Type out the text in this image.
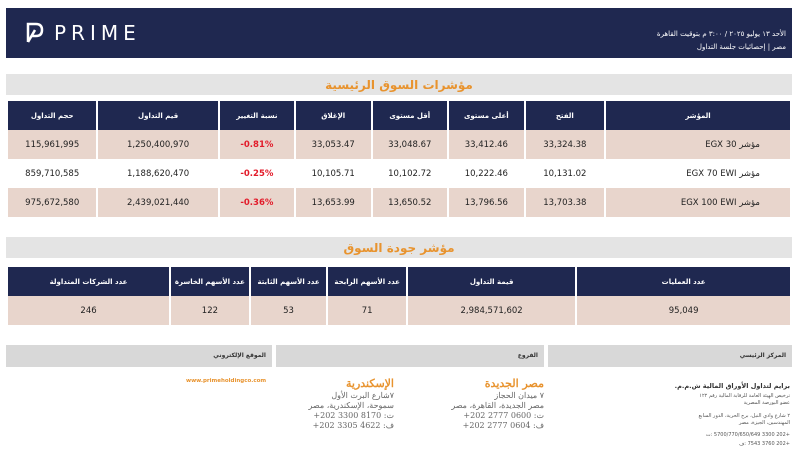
PRIME	الأحد ١٣ يوليو ٢٠٢٥ / ٣:٠٠ م بتوقيت القاهرة
مصر | إحصائيات جلسة التداول
مؤشرات السوق الرئيسية
حجم التداول	قيم التداول	نسبة التغيير	الإغلاق	أقل مستوى	أعلى مستوى	الفتح	المؤشر
115,961,995	1,250,400,970	-0.81%	33,053.47	33,048.67	33,412.46	33,324.38	مؤشر EGX 30
859,710,585	1,188,620,470	-0.25%	10,105.71	10,102.72	10,222.46	10,131.02	مؤشر EGX 70 EWI
975,672,580	2,439,021,440	-0.36%	13,653.99	13,650.52	13,796.56	13,703.38	مؤشر EGX 100 EWI
مؤشر جودة السوق
عدد الشركات المتداولة	عدد الأسهم الخاسرة	عدد الأسهم الثابتة	عدد الأسهم الرابحة	قيمة التداول	عدد العمليات
246	122	53	71	2,984,571,602	95,049
المركز الرئيسي
الفروع
الموقع الإلكتروني
برايم لتداول الأوراق المالية ش.م.م.
ترخيص الهيئة العامة للرقابة المالية رقم ١٢٢
عضو البورصة المصرية
٢ شارع وادي النيل، برج الحرية، الدور السابع
المهندسين، الجيزة، مصر
+202 3300 5700/770/650/649 :ت
+202 3760 7543 :ف
مصر الجديدة
٧ ميدان الحجاز
مصر الجديدة، القاهرة، مصر
ت: 0600 2777 202+
ف: 0604 2777 202+
الإسكندرية
٧شارع البرت الأول
سموحة، الإسكندرية، مصر
ت: 8170 3300 202+
ف: 4622 3305 202+
www.primeholdingco.com
